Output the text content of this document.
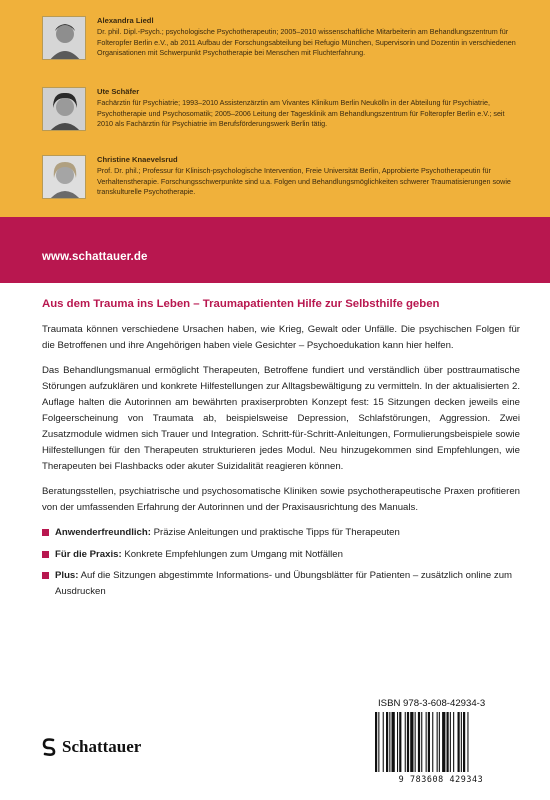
Alexandra Liedl
Dr. phil. Dipl.-Psych.; psychologische Psychotherapeutin; 2005–2010 wissenschaftliche Mitarbeiterin am Behandlungszentrum für Folteropfer Berlin e.V., ab 2011 Aufbau der Forschungsabteilung bei Refugio München, Supervisorin und Dozentin in verschiedenen Organisationen mit Schwerpunkt Psychotherapie bei Menschen mit Fluchterfahrung.
Ute Schäfer
Fachärztin für Psychiatrie; 1993–2010 Assistenzärztin am Vivantes Klinikum Berlin Neukölln in der Abteilung für Psychiatrie, Psychotherapie und Psychosomatik; 2005–2006 Leitung der Tagesklinik am Behandlungszentrum für Folteropfer Berlin e.V.; seit 2010 als Fachärztin für Psychiatrie im Berufsförderungswerk Berlin tätig.
Christine Knaevelsrud
Prof. Dr. phil.; Professur für Klinisch-psychologische Intervention, Freie Universität Berlin, Approbierte Psychotherapeutin für Verhaltenstherapie. Forschungsschwerpunkte sind u.a. Folgen und Behandlungsmöglichkeiten schwerer Traumatisierungen sowie transkulturelle Psychotherapie.
www.schattauer.de
Aus dem Trauma ins Leben – Traumapatienten Hilfe zur Selbsthilfe geben

Traumata können verschiedene Ursachen haben, wie Krieg, Gewalt oder Unfälle. Die psychischen Folgen für die Betroffenen und ihre Angehörigen haben viele Gesichter – Psychoedukation kann hier helfen.

Das Behandlungsmanual ermöglicht Therapeuten, Betroffene fundiert und verständlich über posttraumatische Störungen aufzuklären und konkrete Hilfestellungen zur Alltagsbewältigung zu vermitteln. In der aktualisierten 2. Auflage halten die Autorinnen am bewährten praxiserprobten Konzept fest: 15 Sitzungen decken jeweils eine Folgeerscheinung von Traumata ab, beispielsweise Depression, Schlafstörungen, Aggression. Zwei Zusatzmodule widmen sich Trauer und Integration. Schritt-für-Schritt-Anleitungen, Formulierungsbeispiele sowie Hilfestellungen für den Therapeuten strukturieren jedes Modul. Neu hinzugekommen sind Empfehlungen, wie Therapeuten bei Flashbacks oder akuter Suizidalität reagieren können.

Beratungsstellen, psychiatrische und psychosomatische Kliniken sowie psychotherapeutische Praxen profitieren von der umfassenden Erfahrung der Autorinnen und der Praxisausrichtung des Manuals.

Anwenderfreundlich: Präzise Anleitungen und praktische Tipps für Therapeuten
Für die Praxis: Konkrete Empfehlungen zum Umgang mit Notfällen
Plus: Auf die Sitzungen abgestimmte Informations- und Übungsblätter für Patienten – zusätzlich online zum Ausdrucken
ISBN 978-3-608-42934-3
9 783608 429343
Schattauer
